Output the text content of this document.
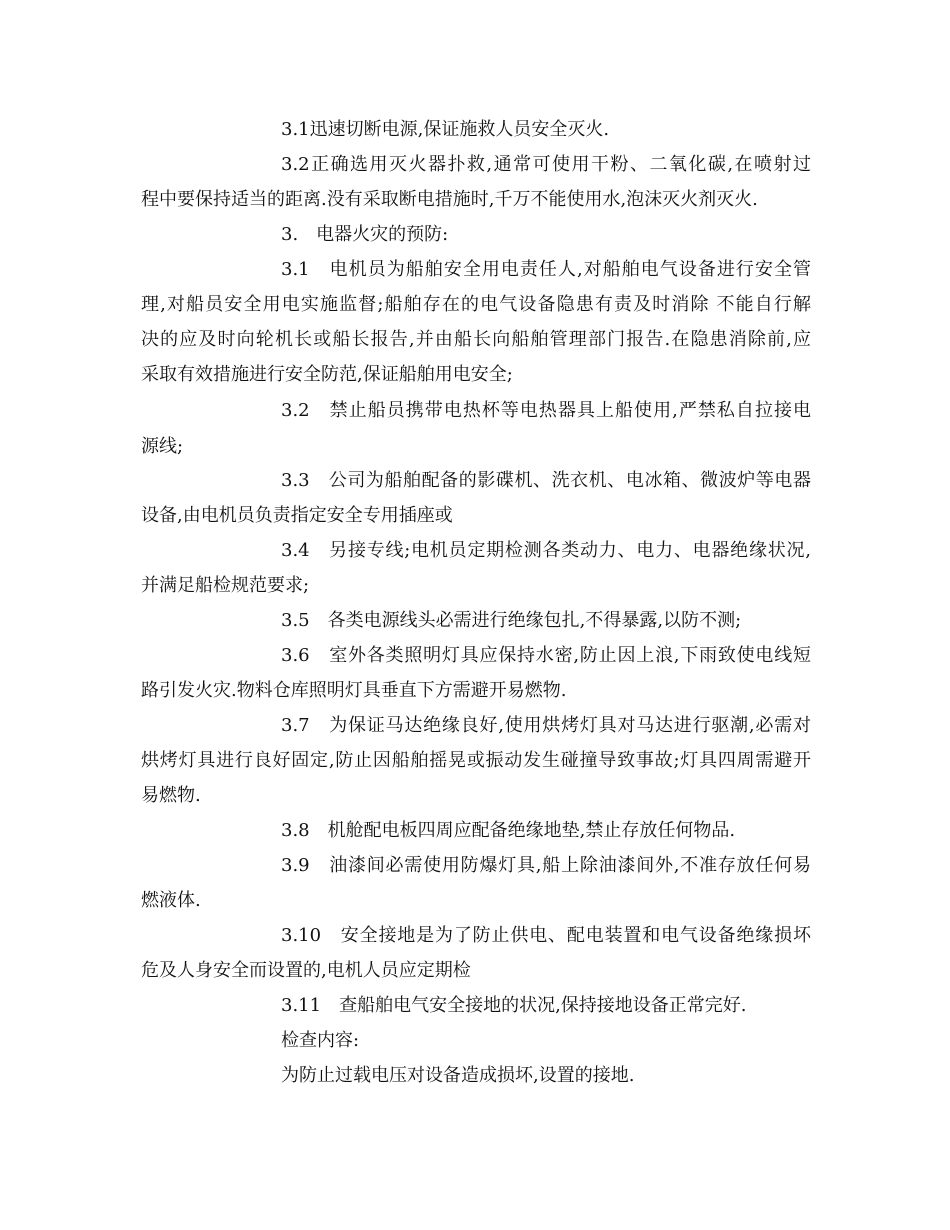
3.1迅速切断电源,保证施救人员安全灭火.
3.2正确选用灭火器扑救,通常可使用干粉、二氧化碳,在喷射过
程中要保持适当的距离.没有采取断电措施时,千万不能使用水,泡沫灭火剂灭火.
3.　电器火灾的预防:
3.1　电机员为船舶安全用电责任人,对船舶电气设备进行安全管
理,对船员安全用电实施监督;船舶存在的电气设备隐患有责及时消除 不能自行解
决的应及时向轮机长或船长报告,并由船长向船舶管理部门报告.在隐患消除前,应
采取有效措施进行安全防范,保证船舶用电安全;
3.2　禁止船员携带电热杯等电热器具上船使用,严禁私自拉接电
源线;
3.3　公司为船舶配备的影碟机、洗衣机、电冰箱、微波炉等电器
设备,由电机员负责指定安全专用插座或
3.4　另接专线;电机员定期检测各类动力、电力、电器绝缘状况,
并满足船检规范要求;
3.5　各类电源线头必需进行绝缘包扎,不得暴露,以防不测;
3.6　室外各类照明灯具应保持水密,防止因上浪,下雨致使电线短
路引发火灾.物料仓库照明灯具垂直下方需避开易燃物.
3.7　为保证马达绝缘良好,使用烘烤灯具对马达进行驱潮,必需对
烘烤灯具进行良好固定,防止因船舶摇晃或振动发生碰撞导致事故;灯具四周需避开
易燃物.
3.8　机舱配电板四周应配备绝缘地垫,禁止存放任何物品.
3.9　油漆间必需使用防爆灯具,船上除油漆间外,不准存放任何易
燃液体.
3.10　安全接地是为了防止供电、配电装置和电气设备绝缘损坏
危及人身安全而设置的,电机人员应定期检
3.11　查船舶电气安全接地的状况,保持接地设备正常完好.
检查内容:
为防止过载电压对设备造成损坏,设置的接地.
